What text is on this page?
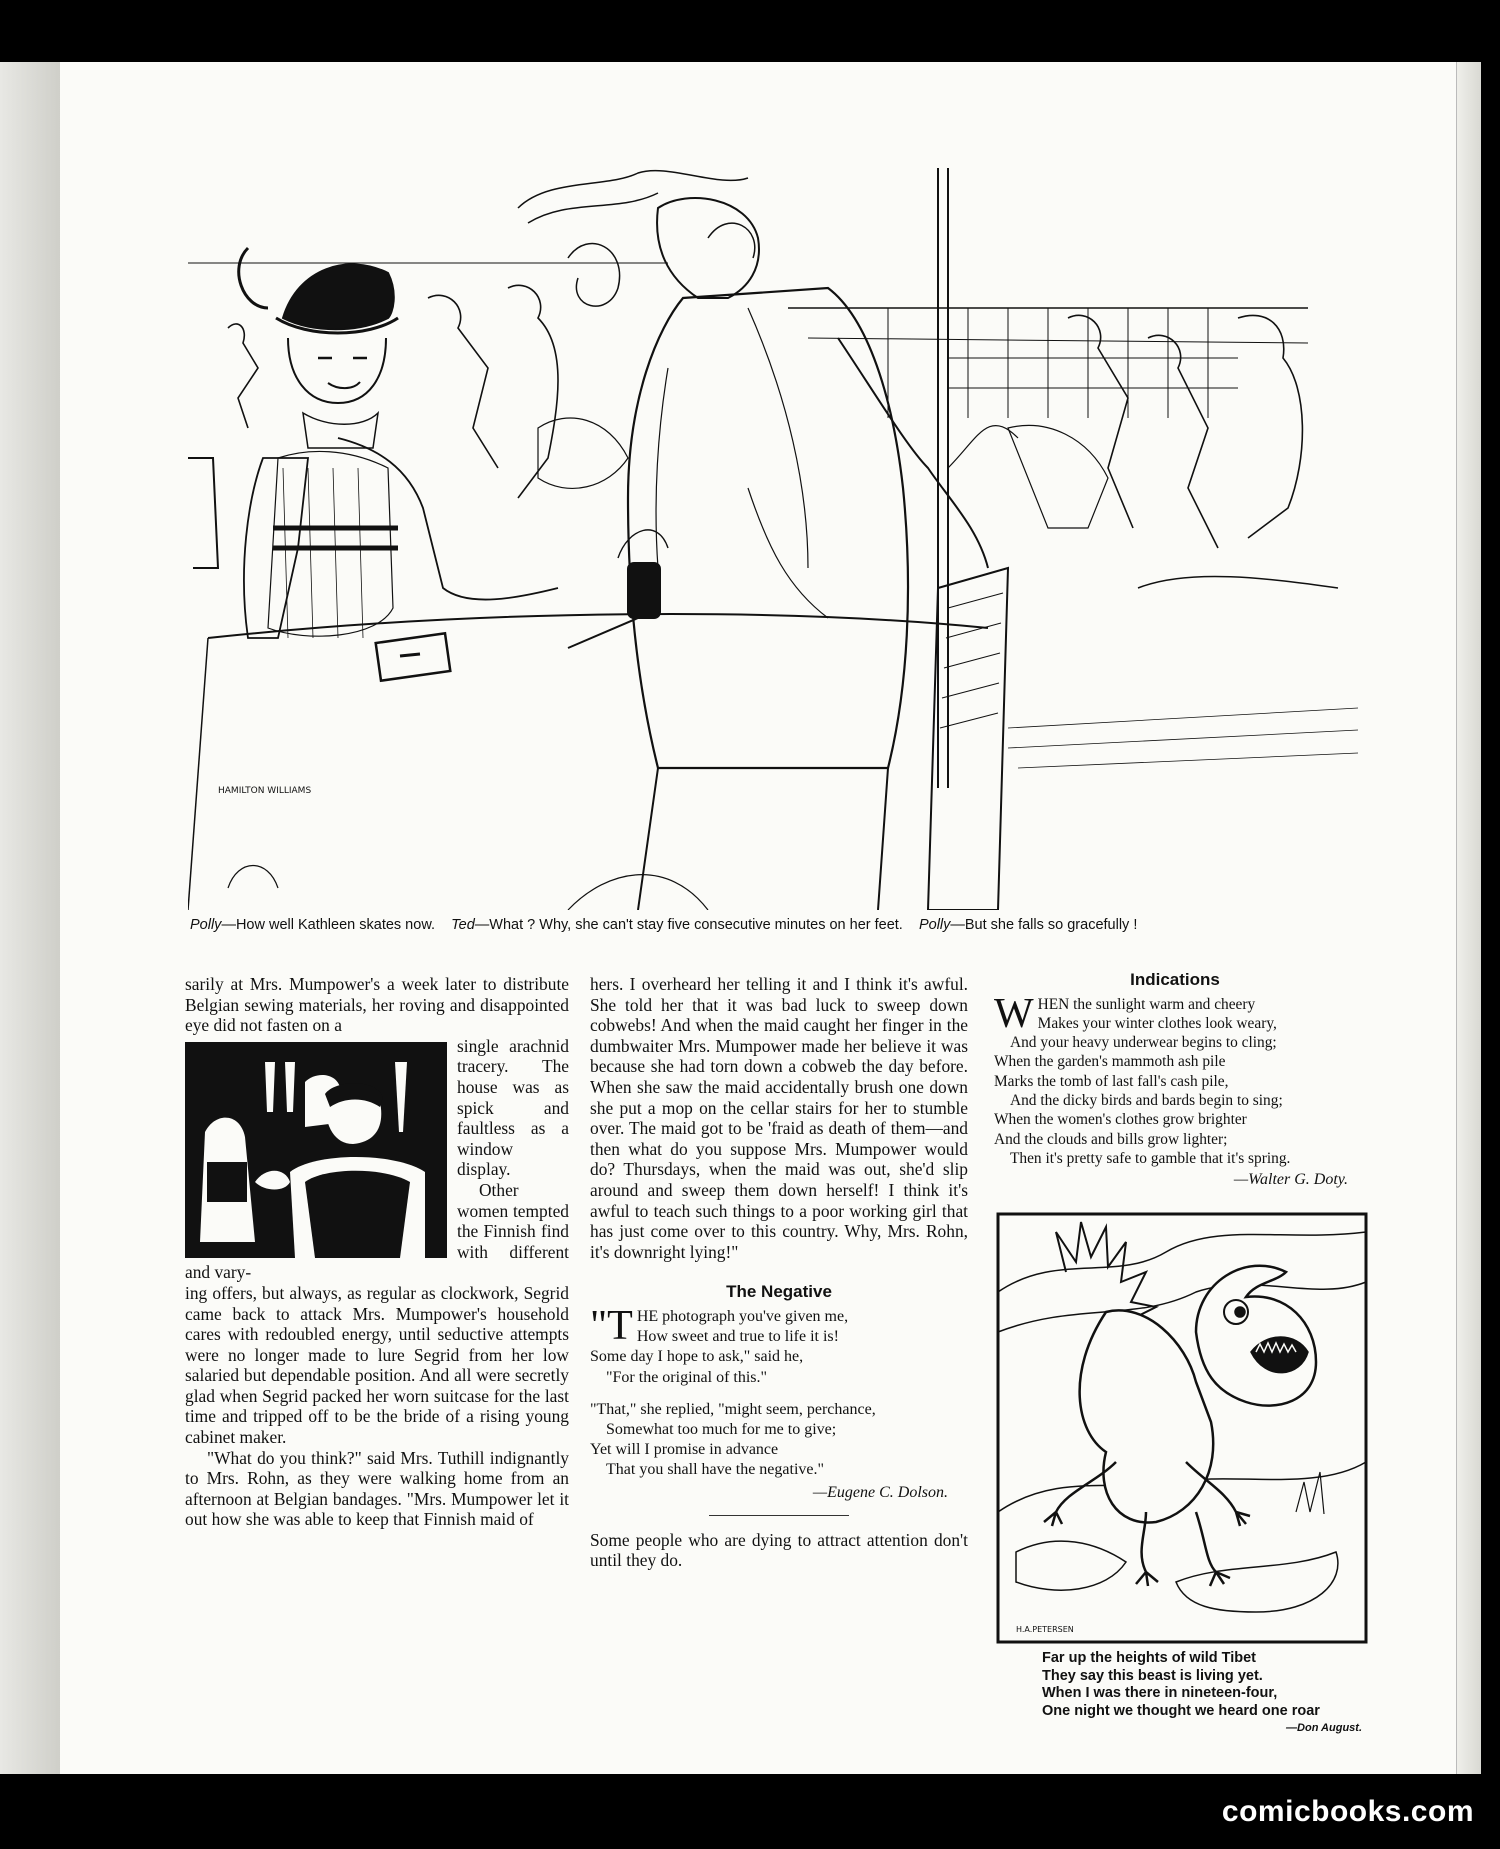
HAMILTON WILLIAMS
Polly—How well Kathleen skates now. Ted—What ? Why, she can't stay five consecutive minutes on her feet. Polly—But she falls so gracefully !

sarily at Mrs. Mumpower's a week later to distribute Belgian sewing materials, her roving and disappointed eye did not fasten on a

single arachnid tracery. The house was as spick and faultless as a window display.

Other women tempted the Finnish find with different and vary-

ing offers, but always, as regular as clockwork, Segrid came back to attack Mrs. Mumpower's household cares with redoubled energy, until seductive attempts were no longer made to lure Segrid from her low salaried but dependable position. And all were secretly glad when Segrid packed her worn suitcase for the last time and tripped off to be the bride of a rising young cabinet maker.

"What do you think?" said Mrs. Tuthill indignantly to Mrs. Rohn, as they were walking home from an afternoon at Belgian bandages. "Mrs. Mumpower let it out how she was able to keep that Finnish maid of

hers. I overheard her telling it and I think it's awful. She told her that it was bad luck to sweep down cobwebs! And when the maid caught her finger in the dumbwaiter Mrs. Mumpower made her believe it was because she had torn down a cobweb the day before. When she saw the maid accidentally brush one down she put a mop on the cellar stairs for her to stumble over. The maid got to be 'fraid as death of them—and then what do you suppose Mrs. Mumpower would do? Thursdays, when the maid was out, she'd slip around and sweep them down herself! I think it's awful to teach such things to a poor working girl that has just come over to this country. Why, Mrs. Rohn, it's downright lying!"

The Negative
"THE photograph you've given me,
How sweet and true to life it is!
Some day I hope to ask," said he,
"For the original of this."
"That," she replied, "might seem, perchance,
Somewhat too much for me to give;
Yet will I promise in advance
That you shall have the negative."
—Eugene C. Dolson.

Some people who are dying to attract attention don't until they do.

Indications
WHEN the sunlight warm and cheery
Makes your winter clothes look weary,
And your heavy underwear begins to cling;
When the garden's mammoth ash pile
Marks the tomb of last fall's cash pile,
And the dicky birds and bards begin to sing;
When the women's clothes grow brighter
And the clouds and bills grow lighter;
Then it's pretty safe to gamble that it's spring.
—Walter G. Doty.
H.A.PETERSEN
Far up the heights of wild Tibet
They say this beast is living yet.
When I was there in nineteen-four,
One night we thought we heard one roar
—Don August.
comicbooks.com
